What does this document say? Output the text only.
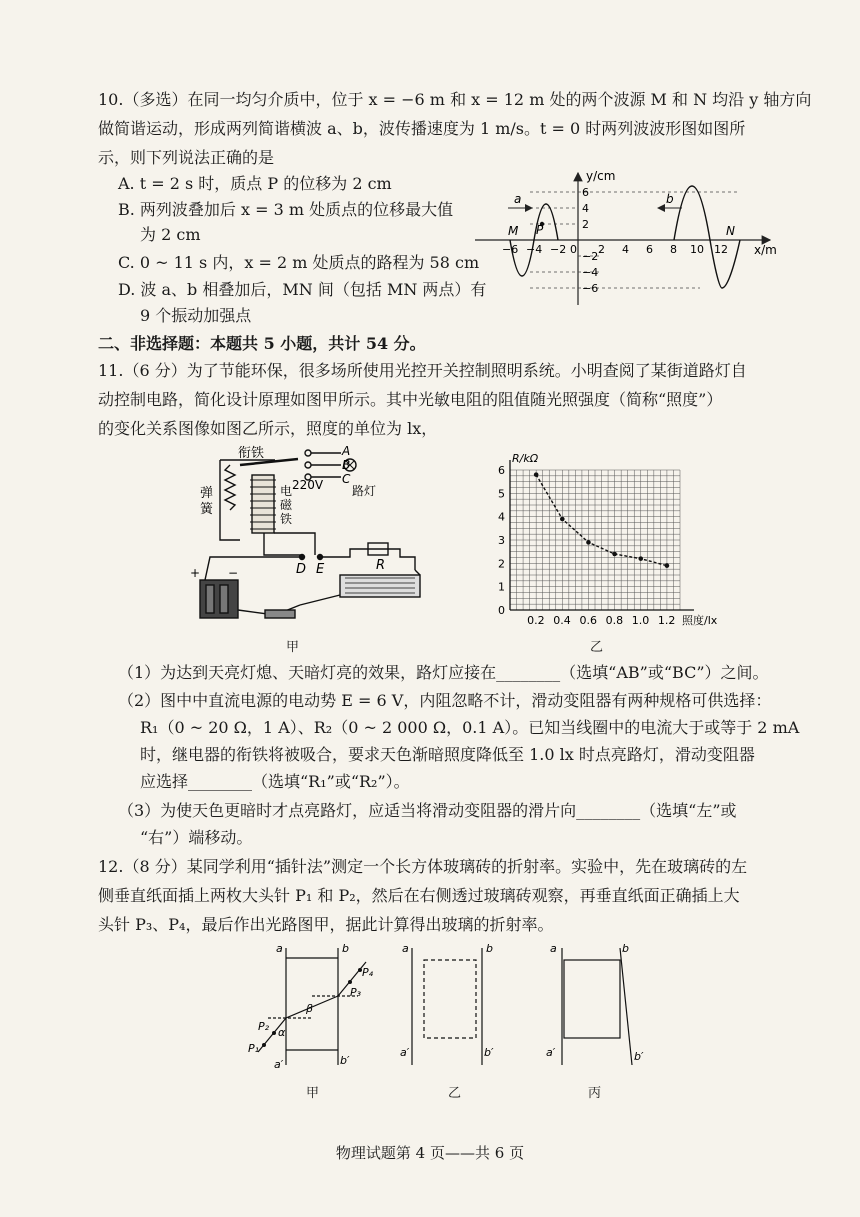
10.（多选）在同一均匀介质中，位于 x = −6 m 和 x = 12 m 处的两个波源 M 和 N 均沿 y 轴方向
做简谐运动，形成两列简谐横波 a、b，波传播速度为 1 m/s。t = 0 时两列波波形图如图所
示，则下列说法正确的是
A. t = 2 s 时，质点 P 的位移为 2 cm
B. 两列波叠加后 x = 3 m 处质点的位移最大值
为 2 cm
C. 0 ~ 11 s 内，x = 2 m 处质点的路程为 58 cm
D. 波 a、b 相叠加后，MN 间（包括 MN 两点）有
9 个振动加强点
a	b
M	N
P
y/cm
x/m
−6 −4 −2 0 2 4 6 8 10 12
6
4
2
−2
−4
−6
二、非选择题：本题共 5 小题，共计 54 分。
11.（6 分）为了节能环保，很多场所使用光控开关控制照明系统。小明查阅了某街道路灯自
动控制电路，简化设计原理如图甲所示。其中光敏电阻的阻值随光照强度（简称“照度”）
的变化关系图像如图乙所示，照度的单位为 lx，
衔铁
弹
簧
电
磁
铁
220V
A
B
C
路灯
D E	R
+ −
甲
0
1
2
3
4
5
6
0.2 0.4 0.6 0.8 1.0 1.2
R/kΩ
照度/lx
乙
（1）为达到天亮灯熄、天暗灯亮的效果，路灯应接在________（选填“AB”或“BC”）之间。
（2）图中中直流电源的电动势 E = 6 V，内阻忽略不计，滑动变阻器有两种规格可供选择：
R₁（0 ~ 20 Ω，1 A）、R₂（0 ~ 2 000 Ω，0.1 A）。已知当线圈中的电流大于或等于 2 mA
时，继电器的衔铁将被吸合，要求天色渐暗照度降低至 1.0 lx 时点亮路灯，滑动变阻器
应选择________（选填“R₁”或“R₂”）。
（3）为使天色更暗时才点亮路灯，应适当将滑动变阻器的滑片向________（选填“左”或
“右”）端移动。
12.（8 分）某同学利用“插针法”测定一个长方体玻璃砖的折射率。实验中，先在玻璃砖的左
侧垂直纸面插上两枚大头针 P₁ 和 P₂，然后在右侧透过玻璃砖观察，再垂直纸面正确插上大
头针 P₃、P₄，最后作出光路图甲，据此计算得出玻璃的折射率。
a	b
a′	b′
P₁
P₂
P₃
P₄
α
β
甲
a	b
a′	b′
乙
a	b
a′	b′
丙
物理试题第 4 页——共 6 页
